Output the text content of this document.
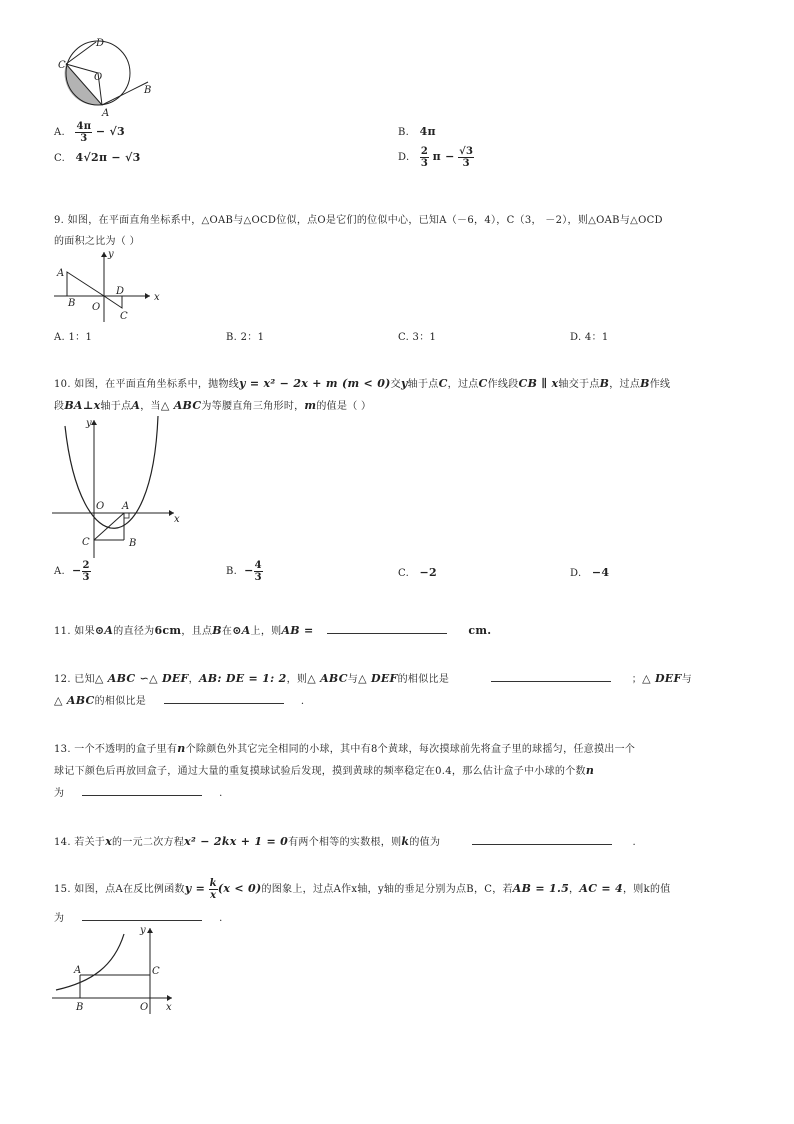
D
C
O
A
B
A. $\frac{4\pi}{3} - √3$	B. 4π
C. 4√2π − √3	D. $\frac{2}{3}$ $\pi - \frac{√3}{3}$
9. 如图，在平面直角坐标系中，△OAB与△OCD位似，点O是它们的位似中心，已知A（－6，4），C（3， －2），则△OAB与△OCD
的面积之比为（ ）
y
x
A
B O
D
C
A. 1：1	B. 2：1	C. 3：1	D. 4：1
10. 如图，在平面直角坐标系中，抛物线y = x² − 2x + m (m < 0)交y轴于点C，过点C作线段CB ∥ x轴交于点B，过点B作线
段BA⊥x轴于点A，当△ ABC为等腰直角三角形时，m的值是（ ）
y
x
O A
C	B
A. − $\frac{2}{3}$	B. − $\frac{4}{3}$	C. −2	D. −4
11. 如果⊙A的直径为6cm，且点B在⊙A上，则AB =	cm.
12. 已知△ ABC ∽△ DEF，AB: DE = 1: 2，则△ ABC与△ DEF的相似比是	；△ DEF与
△ ABC的相似比是	.
13. 一个不透明的盒子里有n个除颜色外其它完全相同的小球，其中有8个黄球，每次摸球前先将盒子里的球摇匀，任意摸出一个
球记下颜色后再放回盒子，通过大量的重复摸球试验后发现，摸到黄球的频率稳定在0.4，那么估计盒子中小球的个数n
为	.
14. 若关于x的一元二次方程x² − 2kx + 1 = 0有两个相等的实数根，则k的值为	.
15. 如图，点A在反比例函数$y = \frac{k}{x} (x < 0)$的图象上，过点A作x轴，y轴的垂足分别为点B，C，若AB = 1.5，AC = 4，则k的值
为	.
y
x
A	C
B	O
